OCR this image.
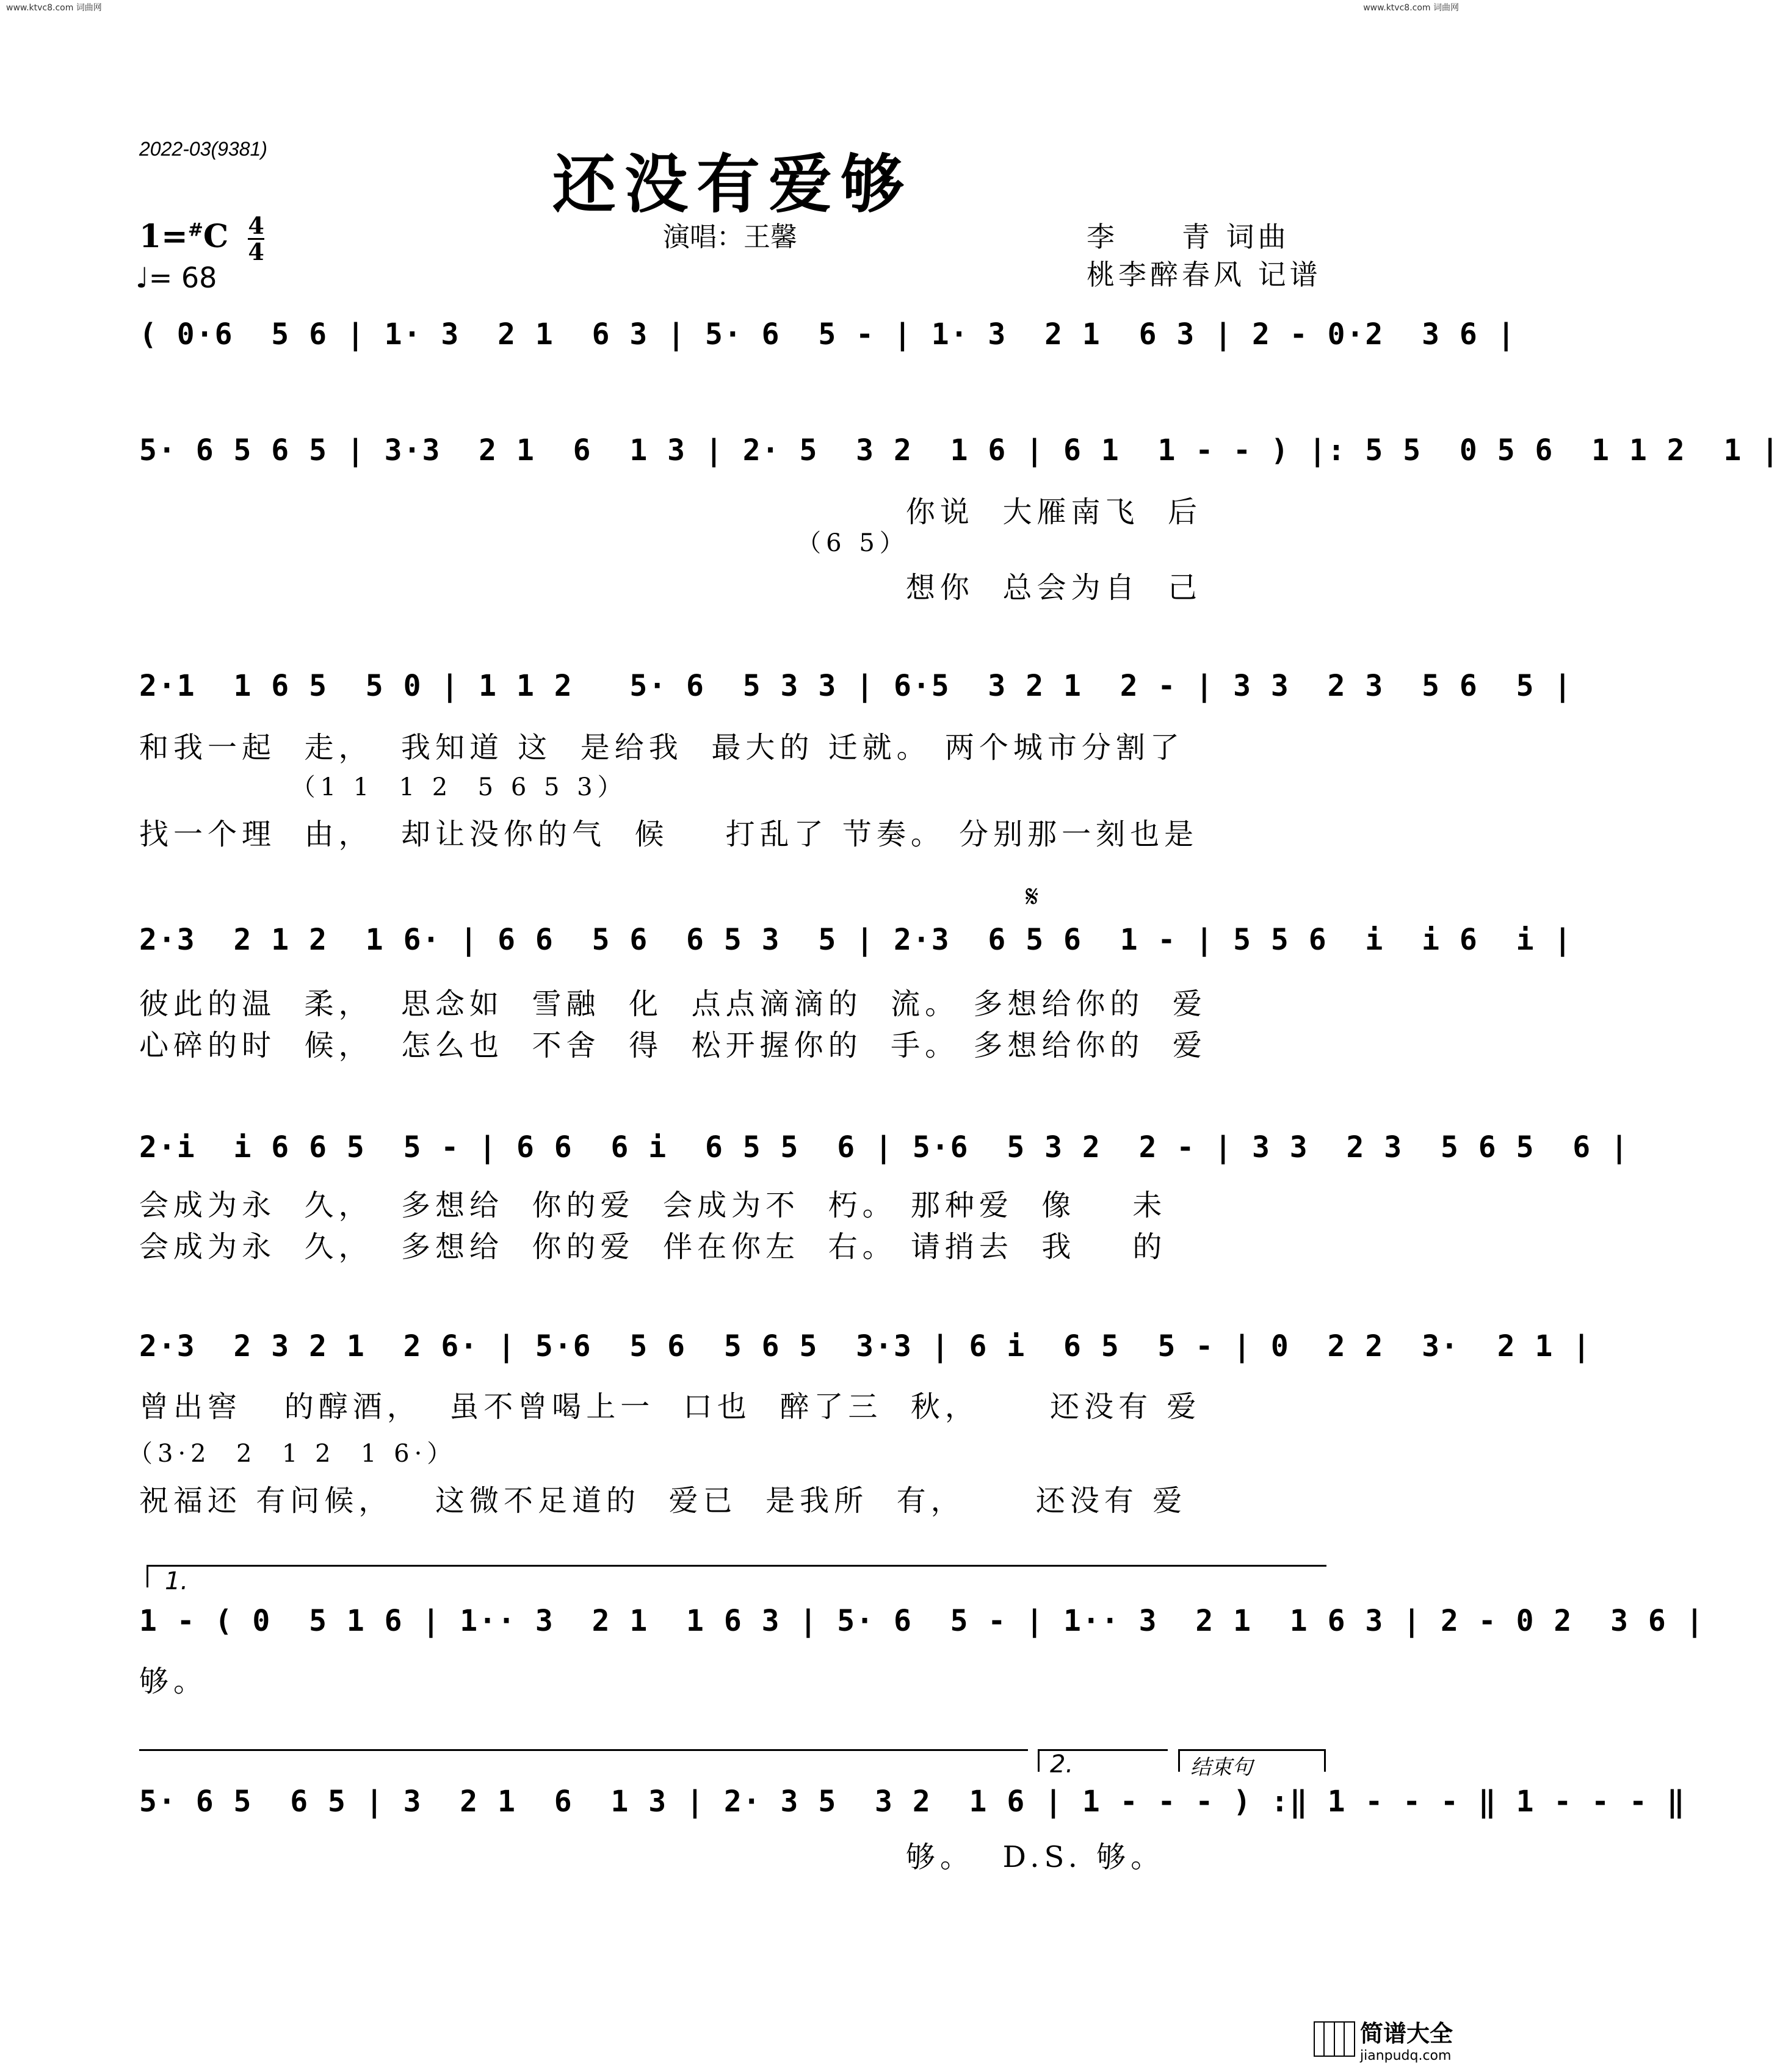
www.ktvc8.com 词曲网	www.ktvc8.com 词曲网
2022-03(9381)	还没有爱够
$1=^{\#}C \frac{4}{4}$
♩= 68
演唱：王馨	李　　青 词曲
桃李醉春风 记谱
( 0·6  5 6 | 1· 3  2 1  6 3 | 5· 6  5 - | 1· 3  2 1  6 3 | 2 - 0·2  3 6 |
5· 6 5 6 5 | 3·3  2 1  6  1 3 | 2· 5  3 2  1 6 | 6 1  1 - - ) |: 5 5  0 5 6  1 1 2  1 |
你说  大雁南飞  后
（6 5）
想你  总会为自  己
2·1  1 6 5  5 0 | 1 1 2   5· 6  5 3 3 | 6·5  3 2 1  2 - | 3 3  2 3  5 6  5 |
和我一起  走，  我知道 这  是给我  最大的 迁就。 两个城市分割了
（1 1  1 2  5 6 5 3）
找一个理  由，  却让没你的气  候    打乱了 节奏。 分别那一刻也是
𝄋
2·3  2 1 2  1 6· | 6 6  5 6  6 5 3  5 | 2·3  6 5 6  1 - | 5 5 6  i  i 6  i |
彼此的温  柔，  思念如  雪融  化  点点滴滴的  流。 多想给你的  爱
心碎的时  候，  怎么也  不舍  得  松开握你的  手。 多想给你的  爱
2·i  i 6 6 5  5 - | 6 6  6 i  6 5 5  6 | 5·6  5 3 2  2 - | 3 3  2 3  5 6 5  6 |
会成为永  久，  多想给  你的爱  会成为不  朽。 那种爱  像    未
会成为永  久，  多想给  你的爱  伴在你左  右。 请捎去  我    的
2·3  2 3 2 1  2 6· | 5·6  5 6  5 6 5  3·3 | 6 i  6 5  5 - | 0  2 2  3·  2 1 |
曾出窖   的醇酒，  虽不曾喝上一  口也  醉了三  秋，     还没有 爱
（3·2  2  1 2  1 6·）
祝福还 有问候，   这微不足道的  爱已  是我所  有，     还没有 爱
1.
1 - ( 0  5 1 6 | 1·· 3  2 1  1 6 3 | 5· 6  5 - | 1·· 3  2 1  1 6 3 | 2 - 0 2  3 6 |
够。
2.	结束句
5· 6 5  6 5 | 3  2 1  6  1 3 | 2· 3 5  3 2  1 6 | 1 - - - ) :‖ 1 - - - ‖ 1 - - - ‖
够。  D.S. 够。
简谱大全
jianpudq.com
